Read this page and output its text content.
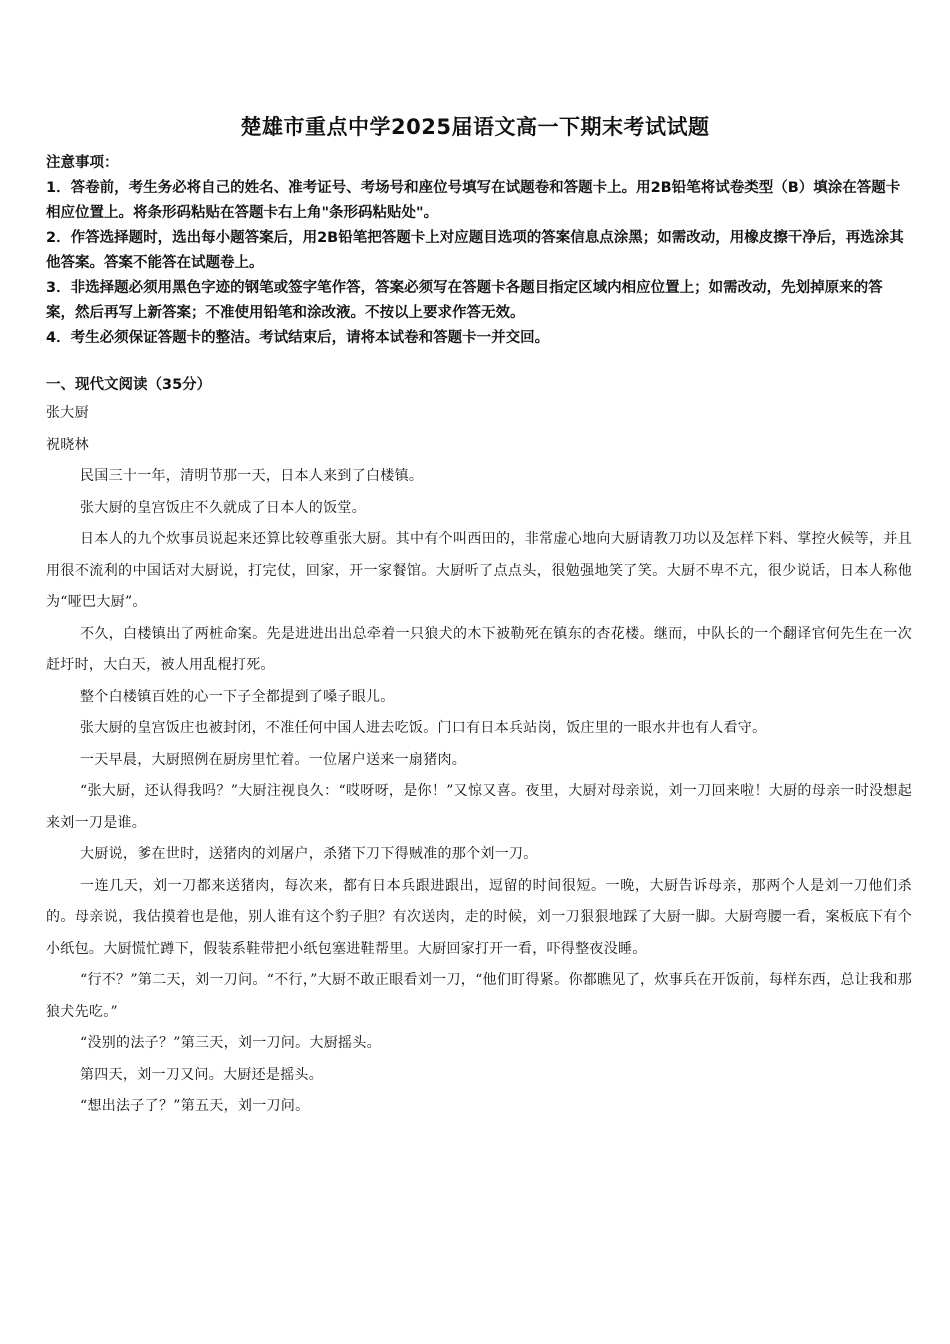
楚雄市重点中学2025届语文高一下期末考试试题

注意事项：

1．答卷前，考生务必将自己的姓名、准考证号、考场号和座位号填写在试题卷和答题卡上。用2B铅笔将试卷类型（B）填涂在答题卡相应位置上。将条形码粘贴在答题卡右上角"条形码粘贴处"。

2．作答选择题时，选出每小题答案后，用2B铅笔把答题卡上对应题目选项的答案信息点涂黑；如需改动，用橡皮擦干净后，再选涂其他答案。答案不能答在试题卷上。

3．非选择题必须用黑色字迹的钢笔或签字笔作答，答案必须写在答题卡各题目指定区域内相应位置上；如需改动，先划掉原来的答案，然后再写上新答案；不准使用铅笔和涂改液。不按以上要求作答无效。

4．考生必须保证答题卡的整洁。考试结束后，请将本试卷和答题卡一并交回。

一、现代文阅读（35分）

张大厨

祝晓林

民国三十一年，清明节那一天，日本人来到了白楼镇。

张大厨的皇宫饭庄不久就成了日本人的饭堂。

日本人的九个炊事员说起来还算比较尊重张大厨。其中有个叫西田的，非常虚心地向大厨请教刀功以及怎样下料、掌控火候等，并且用很不流利的中国话对大厨说，打完仗，回家，开一家餐馆。大厨听了点点头，很勉强地笑了笑。大厨不卑不亢，很少说话，日本人称他为“哑巴大厨”。

不久，白楼镇出了两桩命案。先是进进出出总牵着一只狼犬的木下被勒死在镇东的杏花楼。继而，中队长的一个翻译官何先生在一次赶圩时，大白天，被人用乱棍打死。

整个白楼镇百姓的心一下子全都提到了嗓子眼儿。

张大厨的皇宫饭庄也被封闭，不准任何中国人进去吃饭。门口有日本兵站岗，饭庄里的一眼水井也有人看守。

一天早晨，大厨照例在厨房里忙着。一位屠户送来一扇猪肉。

“张大厨，还认得我吗？”大厨注视良久：“哎呀呀，是你！”又惊又喜。夜里，大厨对母亲说，刘一刀回来啦！大厨的母亲一时没想起来刘一刀是谁。

大厨说，爹在世时，送猪肉的刘屠户，杀猪下刀下得贼准的那个刘一刀。

一连几天，刘一刀都来送猪肉，每次来，都有日本兵跟进跟出，逗留的时间很短。一晚，大厨告诉母亲，那两个人是刘一刀他们杀的。母亲说，我估摸着也是他，别人谁有这个豹子胆？有次送肉，走的时候，刘一刀狠狠地踩了大厨一脚。大厨弯腰一看，案板底下有个小纸包。大厨慌忙蹲下，假装系鞋带把小纸包塞进鞋帮里。大厨回家打开一看，吓得整夜没睡。

“行不？”第二天，刘一刀问。“不行，”大厨不敢正眼看刘一刀，“他们盯得紧。你都瞧见了，炊事兵在开饭前，每样东西，总让我和那狼犬先吃。”

“没别的法子？”第三天，刘一刀问。大厨摇头。

第四天，刘一刀又问。大厨还是摇头。

“想出法子了？”第五天，刘一刀问。
